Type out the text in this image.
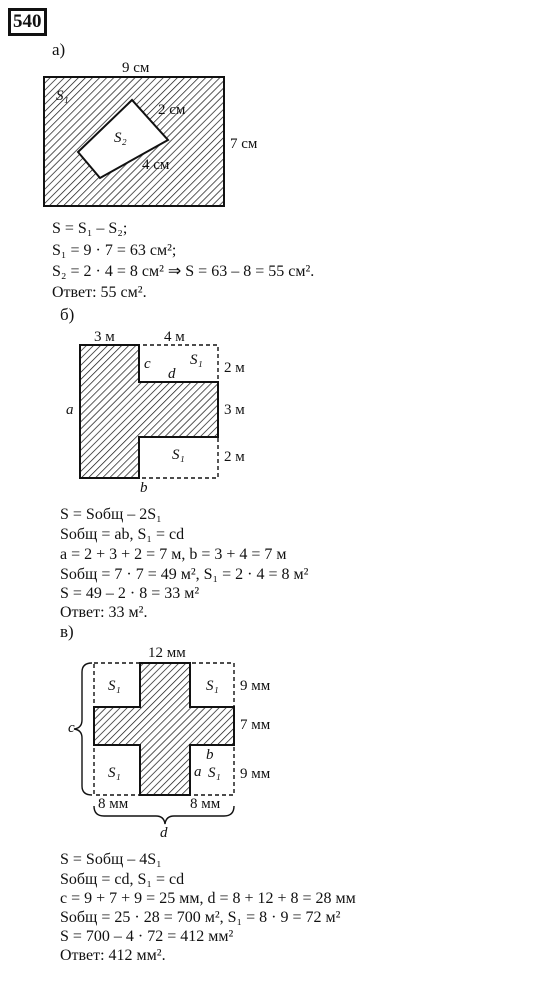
540
а)
9 см
7 см
2 см
4 см
S₁
S₂
S = S₁ – S₂;
S₁ = 9 · 7 = 63 см²;
S₂ = 2 · 4 = 8 см² ⇒ S = 63 – 8 = 55 см².
Ответ: 55 см².
б)
3 м	4 м
2 м
3 м
2 м
a
b
c
d
S₁
S₁
S = Sобщ – 2S₁
Sобщ = ab, S₁ = cd
a = 2 + 3 + 2 = 7 м, b = 3 + 4 = 7 м
Sобщ = 7 · 7 = 49 м², S₁ = 2 · 4 = 8 м²
S = 49 – 2 · 8 = 33 м²
Ответ: 33 м².
в)
12 мм
9 мм
7 мм
9 мм
8 мм	8 мм
c
d
a
b
S₁	S₁
S₁	S₁
S = Sобщ – 4S₁
Sобщ = cd, S₁ = cd
c = 9 + 7 + 9 = 25 мм, d = 8 + 12 + 8 = 28 мм
Sобщ = 25 · 28 = 700 м², S₁ = 8 · 9 = 72 м²
S = 700 – 4 · 72 = 412 мм²
Ответ: 412 мм².
